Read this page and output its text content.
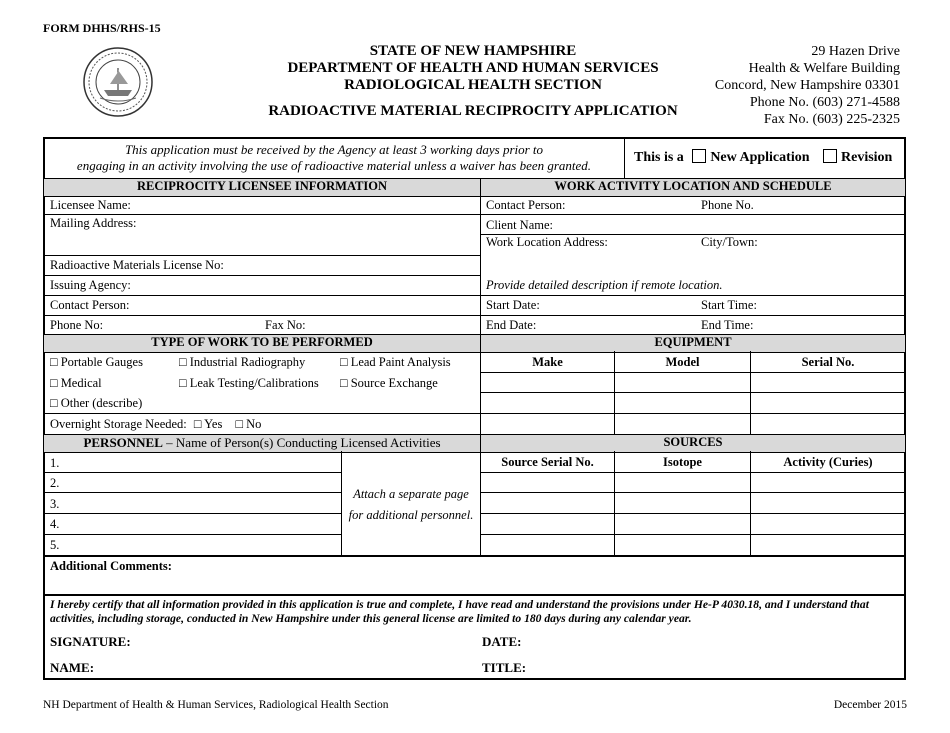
FORM DHHS/RHS-15
STATE OF NEW HAMPSHIRE
DEPARTMENT OF HEALTH AND HUMAN SERVICES
RADIOLOGICAL HEALTH SECTION
RADIOACTIVE MATERIAL RECIPROCITY APPLICATION
29 Hazen Drive
Health & Welfare Building
Concord, New Hampshire 03301
Phone No. (603) 271-4588
Fax No. (603) 225-2325
This application must be received by the Agency at least 3 working days prior to
engaging in an activity involving the use of radioactive material unless a waiver has been granted.
This is a New Application Revision
RECIPROCITY LICENSEE INFORMATION	WORK ACTIVITY LOCATION AND SCHEDULE
TYPE OF WORK TO BE PERFORMED	EQUIPMENT
PERSONNEL – Name of Person(s) Conducting Licensed Activities	SOURCES
Licensee Name:
Mailing Address:
Radioactive Materials License No:
Issuing Agency:
Contact Person:
Phone No:	Fax No:
Contact Person:	Phone No.
Client Name:
Work Location Address:	City/Town:
Provide detailed description if remote location.
Start Date:	Start Time:
End Date:	End Time:
□ Portable Gauges	□ Industrial Radiography	□ Lead Paint Analysis
□ Medical	□ Leak Testing/Calibrations □ Source Exchange
□ Other (describe)
Overnight Storage Needed: □ Yes □ No
Make	Model	Serial No.
1.
2.
3.
4.
5.
Attach a separate page
for additional personnel.
Source Serial No.	Isotope	Activity (Curies)
Additional Comments:
I hereby certify that all information provided in this application is true and complete, I have read and understand the provisions under He-P 4030.18, and I understand that activities, including storage, conducted in New Hampshire under this general license are limited to 180 days during any calendar year.
SIGNATURE:	DATE:
NAME:	TITLE:
NH Department of Health & Human Services, Radiological Health Section	December 2015
